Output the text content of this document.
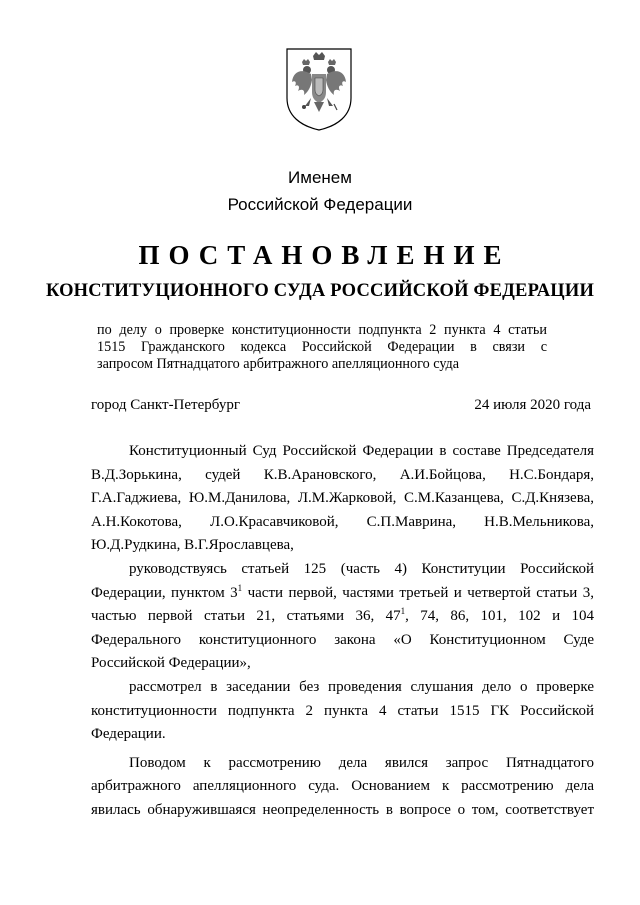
Именем
Российской Федерации
ПОСТАНОВЛЕНИЕ
КОНСТИТУЦИОННОГО СУДА РОССИЙСКОЙ ФЕДЕРАЦИИ
по делу о проверке конституционности подпункта 2 пункта 4 статьи
1515 Гражданского кодекса Российской Федерации в связи с
запросом Пятнадцатого арбитражного апелляционного суда
город Санкт-Петербург	24 июля 2020 года
Конституционный Суд Российской Федерации в составе Председателя
В.Д.Зорькина, судей К.В.Арановского, А.И.Бойцова, Н.С.Бондаря,
Г.А.Гаджиева, Ю.М.Данилова, Л.М.Жарковой, С.М.Казанцева, С.Д.Князева,
А.Н.Кокотова, Л.О.Красавчиковой, С.П.Маврина, Н.В.Мельникова,
Ю.Д.Рудкина, В.Г.Ярославцева,
руководствуясь статьей 125 (часть 4) Конституции Российской
Федерации, пунктом $3^1$ части первой, частями третьей и четвертой статьи 3,
частью первой статьи 21, статьями 36, $47^1$, 74, 86, 101, 102 и 104
Федерального конституционного закона «О Конституционном Суде
Российской Федерации»,
рассмотрел в заседании без проведения слушания дело о проверке
конституционности подпункта 2 пункта 4 статьи 1515 ГК Российской
Федерации.
Поводом к рассмотрению дела явился запрос Пятнадцатого
арбитражного апелляционного суда. Основанием к рассмотрению дела
явилась обнаружившаяся неопределенность в вопросе о том, соответствует
